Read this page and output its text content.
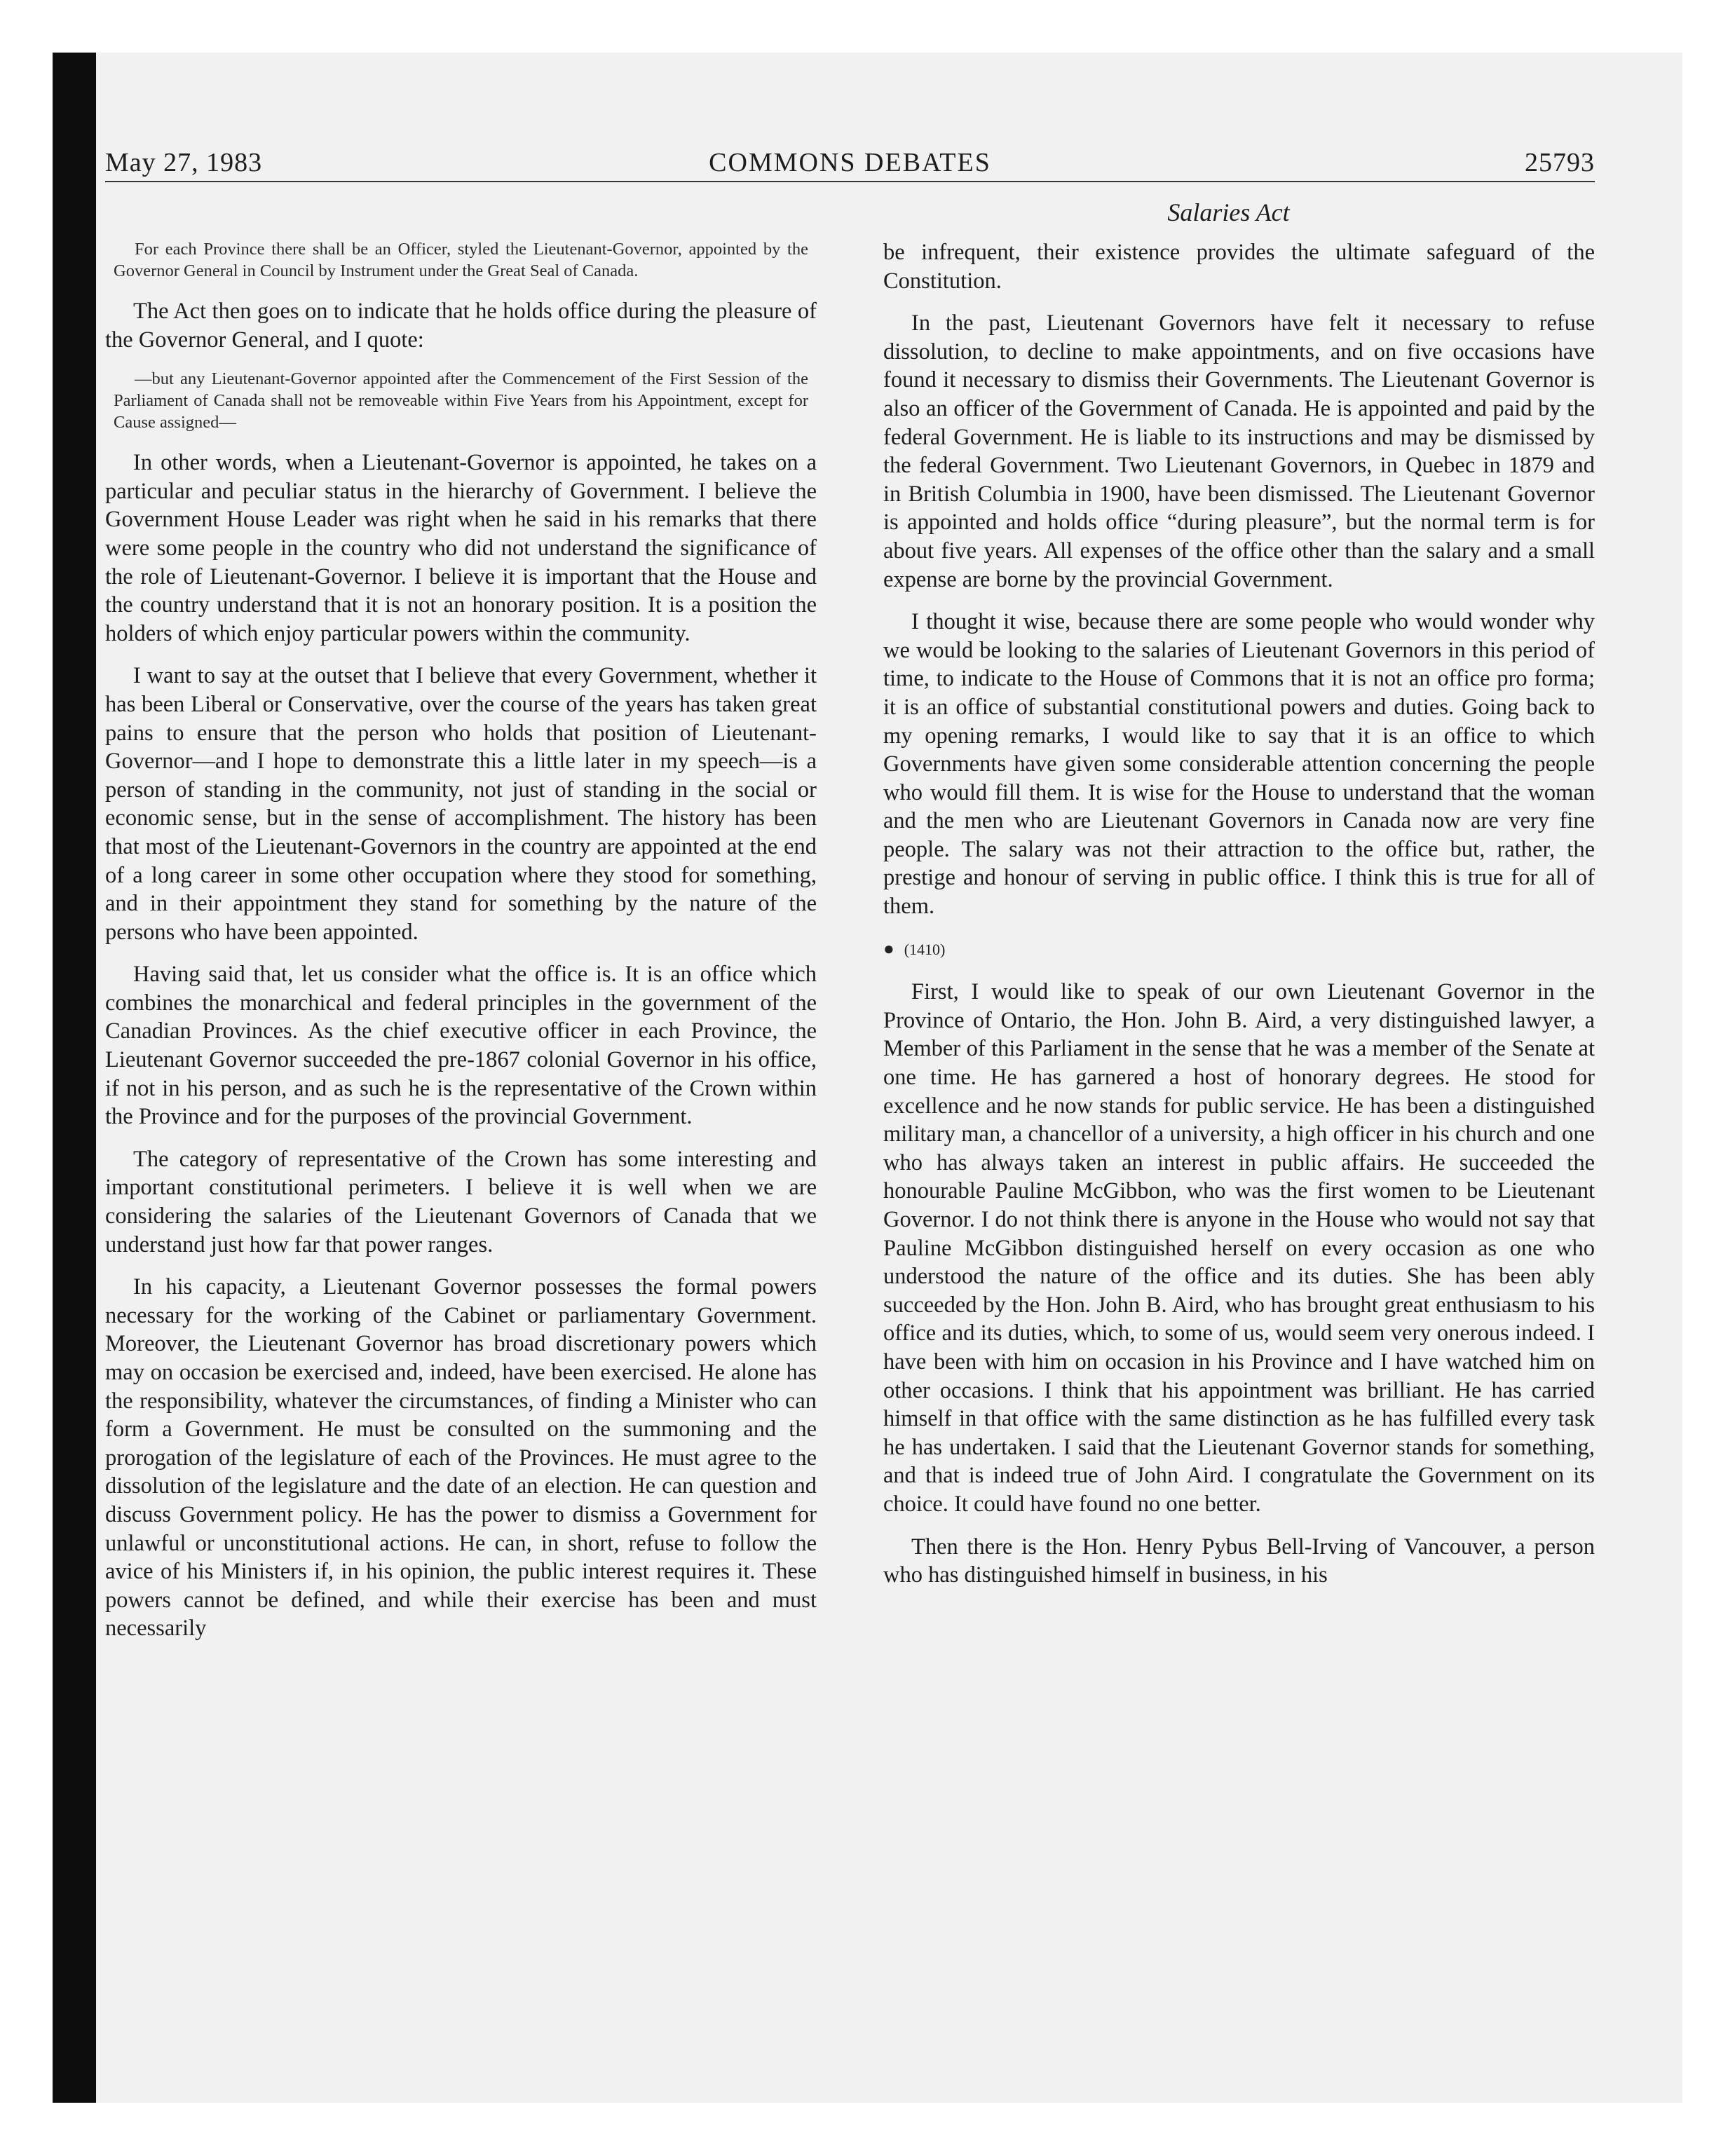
COMMONS DEBATES
May 27, 1983	25793
Salaries Act

For each Province there shall be an Officer, styled the Lieutenant-Governor, appointed by the Governor General in Council by Instrument under the Great Seal of Canada.

The Act then goes on to indicate that he holds office during the pleasure of the Governor General, and I quote:

—but any Lieutenant-Governor appointed after the Commencement of the First Session of the Parliament of Canada shall not be removeable within Five Years from his Appointment, except for Cause assigned—

In other words, when a Lieutenant-Governor is appointed, he takes on a particular and peculiar status in the hierarchy of Government. I believe the Government House Leader was right when he said in his remarks that there were some people in the country who did not understand the significance of the role of Lieutenant-Governor. I believe it is important that the House and the country understand that it is not an honorary position. It is a position the holders of which enjoy particular powers within the community.

I want to say at the outset that I believe that every Government, whether it has been Liberal or Conservative, over the course of the years has taken great pains to ensure that the person who holds that position of Lieutenant-Governor—and I hope to demonstrate this a little later in my speech—is a person of standing in the community, not just of standing in the social or economic sense, but in the sense of accomplishment. The history has been that most of the Lieutenant-Governors in the country are appointed at the end of a long career in some other occupation where they stood for something, and in their appointment they stand for something by the nature of the persons who have been appointed.

Having said that, let us consider what the office is. It is an office which combines the monarchical and federal principles in the government of the Canadian Provinces. As the chief executive officer in each Province, the Lieutenant Governor succeeded the pre-1867 colonial Governor in his office, if not in his person, and as such he is the representative of the Crown within the Province and for the purposes of the provincial Government.

The category of representative of the Crown has some interesting and important constitutional perimeters. I believe it is well when we are considering the salaries of the Lieutenant Governors of Canada that we understand just how far that power ranges.

In his capacity, a Lieutenant Governor possesses the formal powers necessary for the working of the Cabinet or parliamentary Government. Moreover, the Lieutenant Governor has broad discretionary powers which may on occasion be exercised and, indeed, have been exercised. He alone has the responsibility, whatever the circumstances, of finding a Minister who can form a Government. He must be consulted on the summoning and the prorogation of the legislature of each of the Provinces. He must agree to the dissolution of the legislature and the date of an election. He can question and discuss Government policy. He has the power to dismiss a Government for unlawful or unconstitutional actions. He can, in short, refuse to follow the avice of his Ministers if, in his opinion, the public interest requires it. These powers cannot be defined, and while their exercise has been and must necessarily

be infrequent, their existence provides the ultimate safeguard of the Constitution.

In the past, Lieutenant Governors have felt it necessary to refuse dissolution, to decline to make appointments, and on five occasions have found it necessary to dismiss their Governments. The Lieutenant Governor is also an officer of the Government of Canada. He is appointed and paid by the federal Government. He is liable to its instructions and may be dismissed by the federal Government. Two Lieutenant Governors, in Quebec in 1879 and in British Columbia in 1900, have been dismissed. The Lieutenant Governor is appointed and holds office “during pleasure”, but the normal term is for about five years. All expenses of the office other than the salary and a small expense are borne by the provincial Government.

I thought it wise, because there are some people who would wonder why we would be looking to the salaries of Lieutenant Governors in this period of time, to indicate to the House of Commons that it is not an office pro forma; it is an office of substantial constitutional powers and duties. Going back to my opening remarks, I would like to say that it is an office to which Governments have given some considerable attention concerning the people who would fill them. It is wise for the House to understand that the woman and the men who are Lieutenant Governors in Canada now are very fine people. The salary was not their attraction to the office but, rather, the prestige and honour of serving in public office. I think this is true for all of them.

● (1410)

First, I would like to speak of our own Lieutenant Governor in the Province of Ontario, the Hon. John B. Aird, a very distinguished lawyer, a Member of this Parliament in the sense that he was a member of the Senate at one time. He has garnered a host of honorary degrees. He stood for excellence and he now stands for public service. He has been a distinguished military man, a chancellor of a university, a high officer in his church and one who has always taken an interest in public affairs. He succeeded the honourable Pauline McGibbon, who was the first women to be Lieutenant Governor. I do not think there is anyone in the House who would not say that Pauline McGibbon distinguished herself on every occasion as one who understood the nature of the office and its duties. She has been ably succeeded by the Hon. John B. Aird, who has brought great enthusiasm to his office and its duties, which, to some of us, would seem very onerous indeed. I have been with him on occasion in his Province and I have watched him on other occasions. I think that his appointment was brilliant. He has carried himself in that office with the same distinction as he has fulfilled every task he has undertaken. I said that the Lieutenant Governor stands for something, and that is indeed true of John Aird. I congratulate the Government on its choice. It could have found no one better.

Then there is the Hon. Henry Pybus Bell-Irving of Vancouver, a person who has distinguished himself in business, in his
